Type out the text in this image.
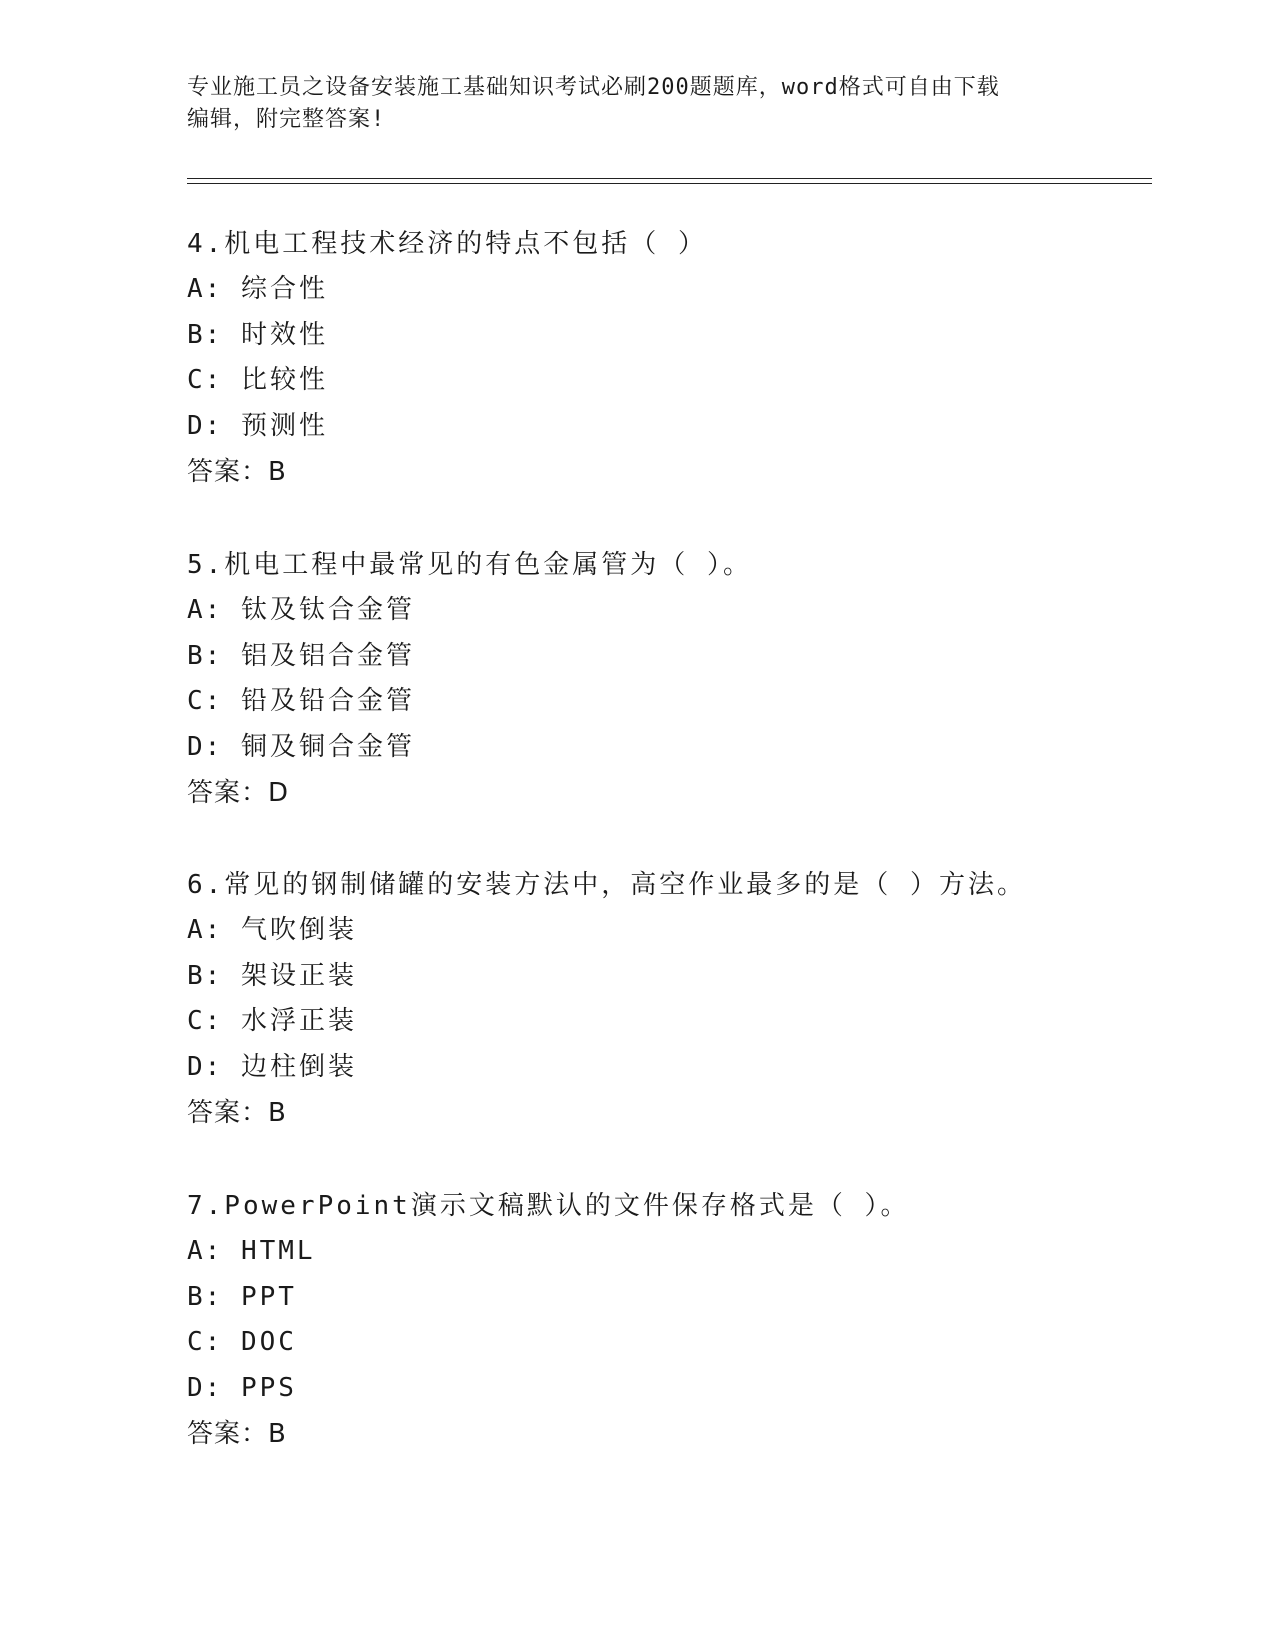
专业施工员之设备安装施工基础知识考试必刷200题题库，word格式可自由下载
编辑，附完整答案!
4.机电工程技术经济的特点不包括（ ）
A: 综合性
B: 时效性
C: 比较性
D: 预测性
答案：B
5.机电工程中最常见的有色金属管为（ ）。
A: 钛及钛合金管
B: 铝及铝合金管
C: 铅及铅合金管
D: 铜及铜合金管
答案：D
6.常见的钢制储罐的安装方法中，高空作业最多的是（ ）方法。
A: 气吹倒装
B: 架设正装
C: 水浮正装
D: 边柱倒装
答案：B
7.PowerPoint演示文稿默认的文件保存格式是（ ）。
A: HTML
B: PPT
C: DOC
D: PPS
答案：B
